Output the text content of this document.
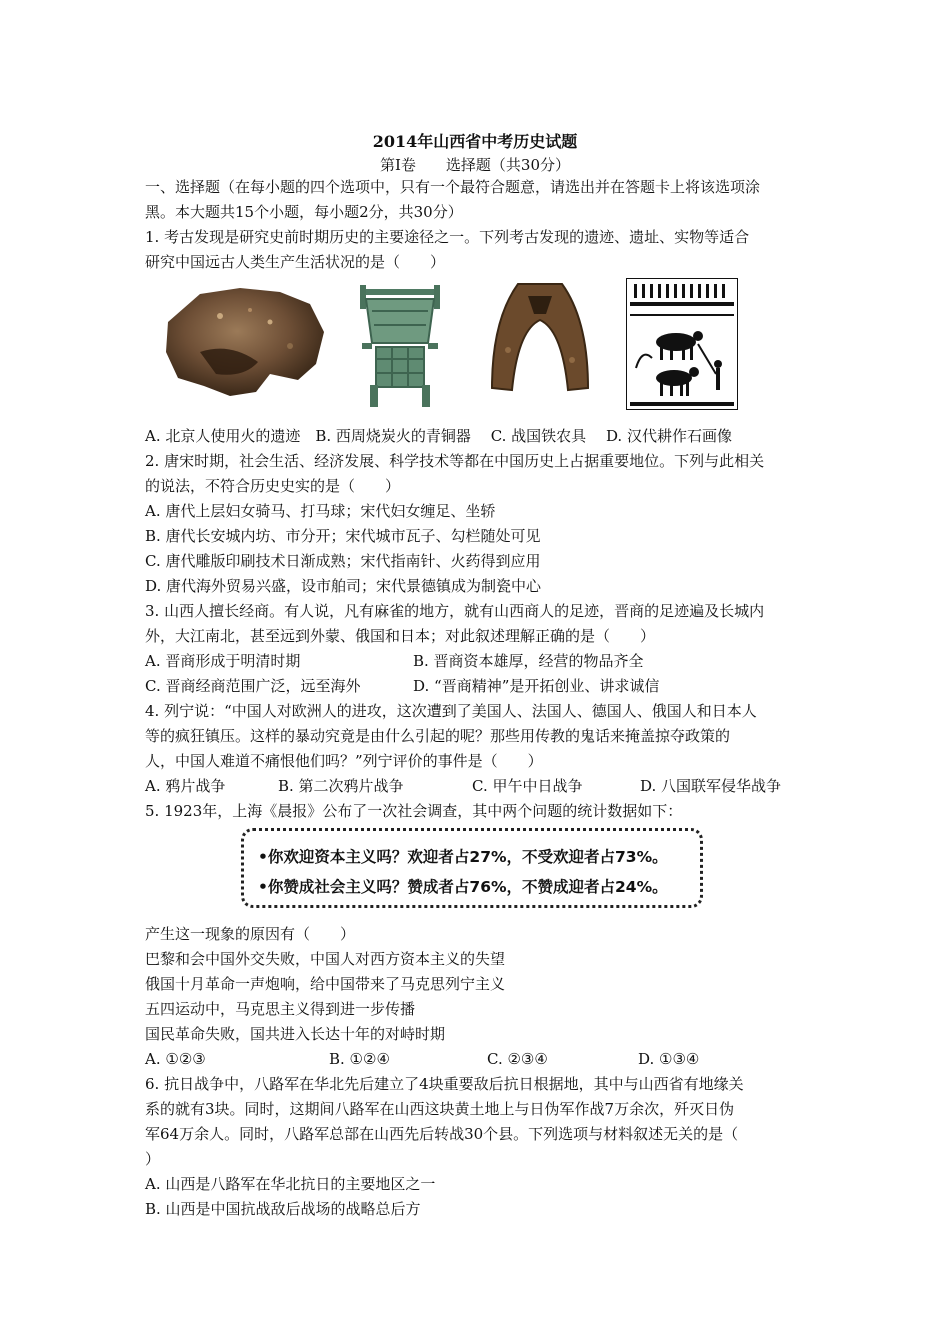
2014年山西省中考历史试题
第I卷　　选择题（共30分）
一、选择题（在每小题的四个选项中，只有一个最符合题意，请选出并在答题卡上将该选项涂
黑。本大题共15个小题，每小题2分，共30分）
1. 考古发现是研究史前时期历史的主要途径之一。下列考古发现的遗迹、遗址、实物等适合
研究中国远古人类生产生活状况的是（　　）
A. 北京人使用火的遗迹　B. 西周烧炭火的青铜器　 C. 战国铁农具　 D. 汉代耕作石画像
2. 唐宋时期，社会生活、经济发展、科学技术等都在中国历史上占据重要地位。下列与此相关
的说法，不符合历史史实的是（　　）
A. 唐代上层妇女骑马、打马球；宋代妇女缠足、坐轿
B. 唐代长安城内坊、市分开；宋代城市瓦子、勾栏随处可见
C. 唐代雕版印刷技术日渐成熟；宋代指南针、火药得到应用
D. 唐代海外贸易兴盛，设市舶司；宋代景德镇成为制瓷中心
3. 山西人擅长经商。有人说，凡有麻雀的地方，就有山西商人的足迹，晋商的足迹遍及长城内
外，大江南北，甚至远到外蒙、俄国和日本；对此叙述理解正确的是（　　）
A. 晋商形成于明清时期	B. 晋商资本雄厚，经营的物品齐全
C. 晋商经商范围广泛，远至海外	D. “晋商精神”是开拓创业、讲求诚信
4. 列宁说：“中国人对欧洲人的进攻，这次遭到了美国人、法国人、德国人、俄国人和日本人
等的疯狂镇压。这样的暴动究竟是由什么引起的呢？那些用传教的鬼话来掩盖掠夺政策的
人，中国人难道不痛恨他们吗？”列宁评价的事件是（　　）
A. 鸦片战争	B. 第二次鸦片战争	C. 甲午中日战争	D. 八国联军侵华战争
5. 1923年，上海《晨报》公布了一次社会调查，其中两个问题的统计数据如下：
•你欢迎资本主义吗？欢迎者占27%，不受欢迎者占73%。
•你赞成社会主义吗？赞成者占76%，不赞成迎者占24%。
产生这一现象的原因有（　　）
巴黎和会中国外交失败，中国人对西方资本主义的失望
俄国十月革命一声炮响，给中国带来了马克思列宁主义
五四运动中，马克思主义得到进一步传播
国民革命失败，国共进入长达十年的对峙时期
A. ①②③	B. ①②④	C. ②③④	D. ①③④
6. 抗日战争中，八路军在华北先后建立了4块重要敌后抗日根据地，其中与山西省有地缘关
系的就有3块。同时，这期间八路军在山西这块黄土地上与日伪军作战7万余次，歼灭日伪
军64万余人。同时，八路军总部在山西先后转战30个县。下列选项与材料叙述无关的是（
）
A. 山西是八路军在华北抗日的主要地区之一
B. 山西是中国抗战敌后战场的战略总后方
